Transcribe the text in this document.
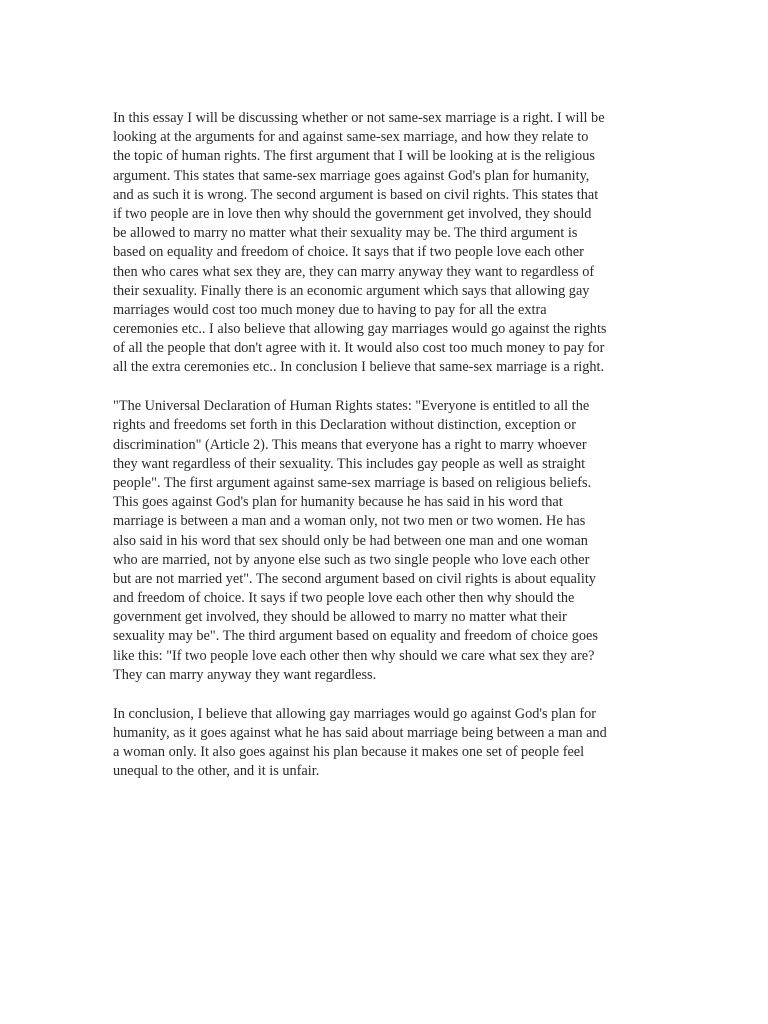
In this essay I will be discussing whether or not same-sex marriage is a right. I will be
looking at the arguments for and against same-sex marriage, and how they relate to
the topic of human rights. The first argument that I will be looking at is the religious
argument. This states that same-sex marriage goes against God's plan for humanity,
and as such it is wrong. The second argument is based on civil rights. This states that
if two people are in love then why should the government get involved, they should
be allowed to marry no matter what their sexuality may be. The third argument is
based on equality and freedom of choice. It says that if two people love each other
then who cares what sex they are, they can marry anyway they want to regardless of
their sexuality. Finally there is an economic argument which says that allowing gay
marriages would cost too much money due to having to pay for all the extra
ceremonies etc.. I also believe that allowing gay marriages would go against the rights
of all the people that don't agree with it. It would also cost too much money to pay for
all the extra ceremonies etc.. In conclusion I believe that same-sex marriage is a right.
"The Universal Declaration of Human Rights states: "Everyone is entitled to all the
rights and freedoms set forth in this Declaration without distinction, exception or
discrimination" (Article 2). This means that everyone has a right to marry whoever
they want regardless of their sexuality. This includes gay people as well as straight
people". The first argument against same-sex marriage is based on religious beliefs.
This goes against God's plan for humanity because he has said in his word that
marriage is between a man and a woman only, not two men or two women. He has
also said in his word that sex should only be had between one man and one woman
who are married, not by anyone else such as two single people who love each other
but are not married yet". The second argument based on civil rights is about equality
and freedom of choice. It says if two people love each other then why should the
government get involved, they should be allowed to marry no matter what their
sexuality may be". The third argument based on equality and freedom of choice goes
like this: "If two people love each other then why should we care what sex they are?
They can marry anyway they want regardless.
In conclusion, I believe that allowing gay marriages would go against God's plan for
humanity, as it goes against what he has said about marriage being between a man and
a woman only. It also goes against his plan because it makes one set of people feel
unequal to the other, and it is unfair.
